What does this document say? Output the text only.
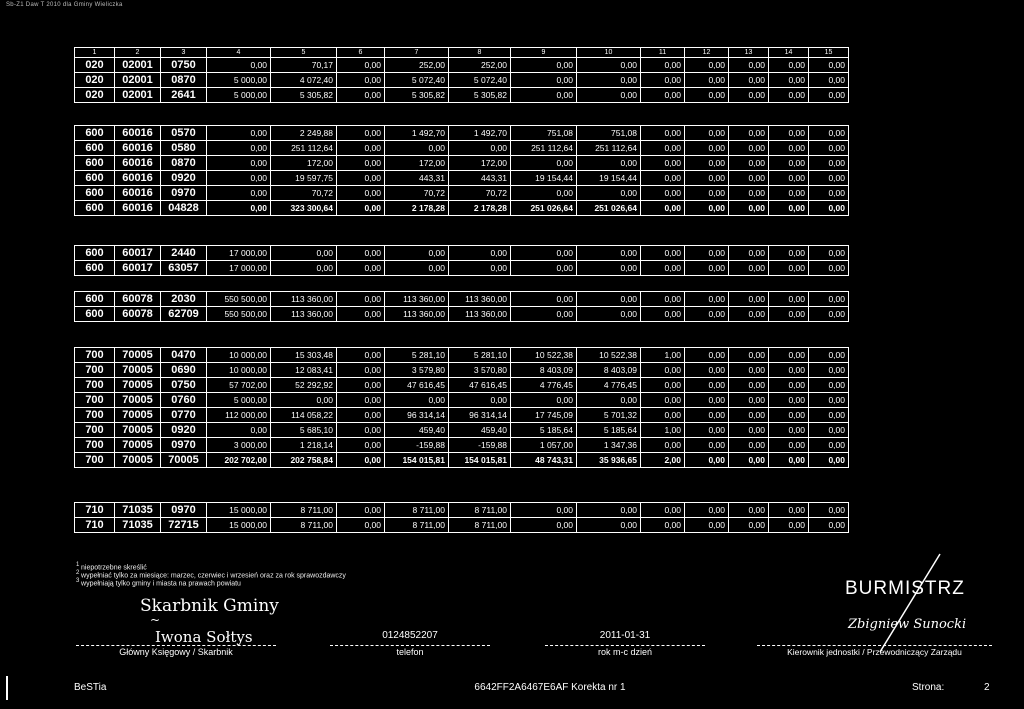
Sb-Z1 Daw T 2010 dla Gminy Wieliczka
1	2	3	4	5	6	7	8	9	10	11	12	13	14	15
020	02001	0750	0,00	70,17	0,00	252,00	252,00	0,00	0,00	0,00	0,00	0,00	0,00	0,00
020	02001	0870	5 000,00	4 072,40	0,00	5 072,40	5 072,40	0,00	0,00	0,00	0,00	0,00	0,00	0,00
020	02001	2641	5 000,00	5 305,82	0,00	5 305,82	5 305,82	0,00	0,00	0,00	0,00	0,00	0,00	0,00
600	60016	0570	0,00	2 249,88	0,00	1 492,70	1 492,70	751,08	751,08	0,00	0,00	0,00	0,00	0,00
600	60016	0580	0,00	251 112,64	0,00	0,00	0,00	251 112,64	251 112,64	0,00	0,00	0,00	0,00	0,00
600	60016	0870	0,00	172,00	0,00	172,00	172,00	0,00	0,00	0,00	0,00	0,00	0,00	0,00
600	60016	0920	0,00	19 597,75	0,00	443,31	443,31	19 154,44	19 154,44	0,00	0,00	0,00	0,00	0,00
600	60016	0970	0,00	70,72	0,00	70,72	70,72	0,00	0,00	0,00	0,00	0,00	0,00	0,00
600	60016	04828	0,00	323 300,64	0,00	2 178,28	2 178,28	251 026,64	251 026,64	0,00	0,00	0,00	0,00	0,00
600	60017	2440	17 000,00	0,00	0,00	0,00	0,00	0,00	0,00	0,00	0,00	0,00	0,00	0,00
600	60017	63057	17 000,00	0,00	0,00	0,00	0,00	0,00	0,00	0,00	0,00	0,00	0,00	0,00
600	60078	2030	550 500,00	113 360,00	0,00	113 360,00	113 360,00	0,00	0,00	0,00	0,00	0,00	0,00	0,00
600	60078	62709	550 500,00	113 360,00	0,00	113 360,00	113 360,00	0,00	0,00	0,00	0,00	0,00	0,00	0,00
700	70005	0470	10 000,00	15 303,48	0,00	5 281,10	5 281,10	10 522,38	10 522,38	1,00	0,00	0,00	0,00	0,00
700	70005	0690	10 000,00	12 083,41	0,00	3 579,80	3 570,80	8 403,09	8 403,09	0,00	0,00	0,00	0,00	0,00
700	70005	0750	57 702,00	52 292,92	0,00	47 616,45	47 616,45	4 776,45	4 776,45	0,00	0,00	0,00	0,00	0,00
700	70005	0760	5 000,00	0,00	0,00	0,00	0,00	0,00	0,00	0,00	0,00	0,00	0,00	0,00
700	70005	0770	112 000,00	114 058,22	0,00	96 314,14	96 314,14	17 745,09	5 701,32	0,00	0,00	0,00	0,00	0,00
700	70005	0920	0,00	5 685,10	0,00	459,40	459,40	5 185,64	5 185,64	1,00	0,00	0,00	0,00	0,00
700	70005	0970	3 000,00	1 218,14	0,00	-159,88	-159,88	1 057,00	1 347,36	0,00	0,00	0,00	0,00	0,00
700	70005	70005	202 702,00	202 758,84	0,00	154 015,81	154 015,81	48 743,31	35 936,65	2,00	0,00	0,00	0,00	0,00
710	71035	0970	15 000,00	8 711,00	0,00	8 711,00	8 711,00	0,00	0,00	0,00	0,00	0,00	0,00	0,00
710	71035	72715	15 000,00	8 711,00	0,00	8 711,00	8 711,00	0,00	0,00	0,00	0,00	0,00	0,00	0,00
1 niepotrzebne skreślić
2 wypełniać tylko za miesiące: marzec, czerwiec i wrzesień oraz za rok sprawozdawczy
3 wypełniają tylko gminy i miasta na prawach powiatu
Skarbnik Gminy
~
Iwona Sołtys
Główny Księgowy / Skarbnik
0124852207
telefon
2011-01-31
rok m-c dzień
BURMISTRZ
Zbigniew Sunocki
Kierownik jednostki / Przewodniczący Zarządu
BeSTia	6642FF2A6467E6AF Korekta nr 1	Strona:	2
